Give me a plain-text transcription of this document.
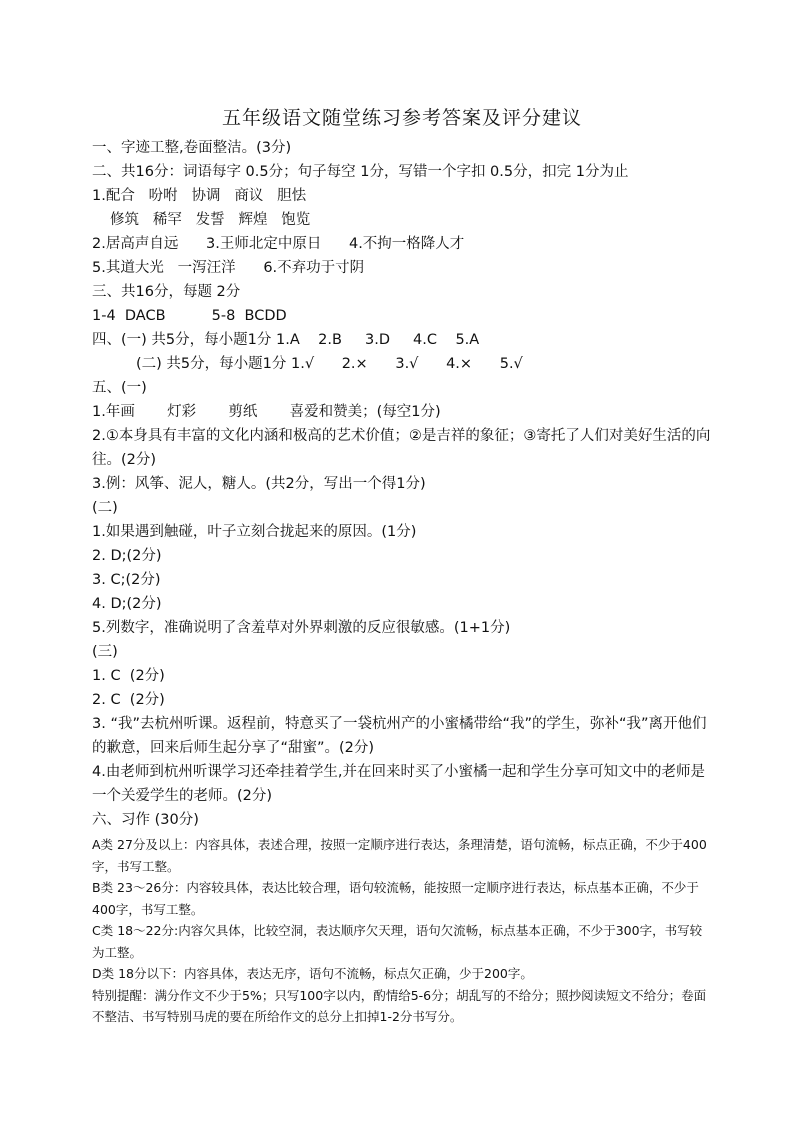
五年级语文随堂练习参考答案及评分建议
一、字迹工整,卷面整洁。(3分)
二、共16分：词语每字 0.5分；句子每空 1分，写错一个字扣 0.5分，扣完 1分为止
1.配合   吩咐   协调   商议   胆怯
修筑   稀罕   发誓   辉煌   饱览
2.居高声自远      3.王师北定中原日      4.不拘一格降人才
5.其道大光   一泻汪洋      6.不弃功于寸阴
三、共16分，每题 2分
1-4  DACB          5-8  BCDD
四、(一) 共5分，每小题1分 1.A    2.B     3.D     4.C    5.A
(二) 共5分，每小题1分 1.√      2.×      3.√      4.×      5.√
五、(一)
1.年画       灯彩       剪纸       喜爱和赞美；(每空1分)
2.①本身具有丰富的文化内涵和极高的艺术价值；②是吉祥的象征；③寄托了人们对美好生活的向往。(2分)
3.例：风筝、泥人，糖人。(共2分，写出一个得1分)
(二)
1.如果遇到触碰，叶子立刻合拢起来的原因。(1分)
2. D;(2分)
3. C;(2分)
4. D;(2分)
5.列数字，准确说明了含羞草对外界刺激的反应很敏感。(1+1分)
(三)
1. C  (2分)
2. C  (2分)
3. “我”去杭州听课。返程前，特意买了一袋杭州产的小蜜橘带给“我”的学生，弥补“我”离开他们的歉意，回来后师生起分享了“甜蜜”。(2分)
4.由老师到杭州听课学习还牵挂着学生,并在回来时买了小蜜橘一起和学生分享可知文中的老师是一个关爱学生的老师。(2分)
六、习作 (30分)
A类 27分及以上：内容具体，表述合理，按照一定顺序进行表达，条理清楚，语句流畅，标点正确，不少于400字，书写工整。
B类 23～26分：内容较具体，表达比较合理，语句较流畅，能按照一定顺序进行表达，标点基本正确，不少于400字，书写工整。
C类 18～22分:内容欠具体，比较空洞，表达顺序欠天理，语句欠流畅，标点基本正确，不少于300字，书写较为工整。
D类 18分以下：内容具体，表达无序，语句不流畅，标点欠正确，少于200字。
特别提醒：满分作文不少于5%；只写100字以内，酌情给5-6分；胡乱写的不给分；照抄阅读短文不给分；卷面不整洁、书写特别马虎的要在所给作文的总分上扣掉1-2分书写分。
